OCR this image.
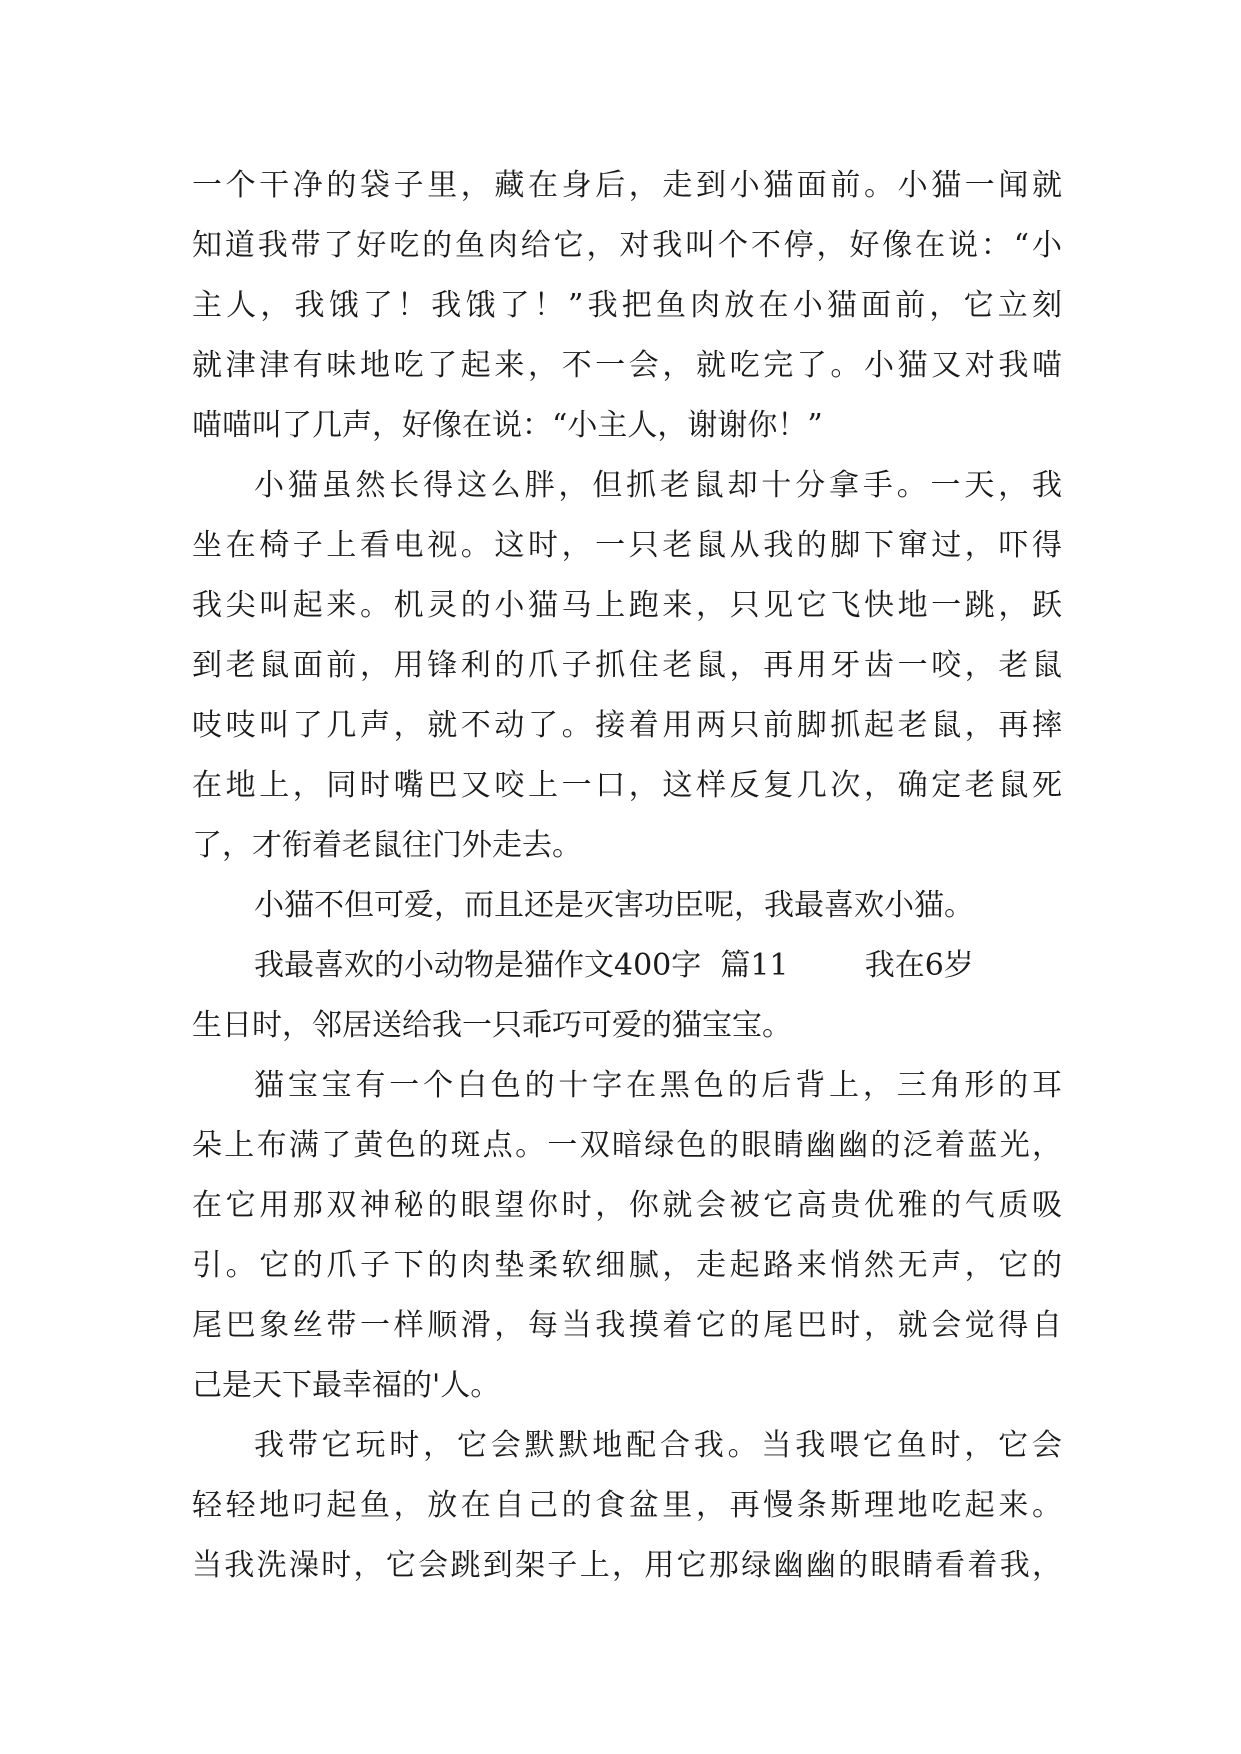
一个干净的袋子里，藏在身后，走到小猫面前。小猫一闻就
知道我带了好吃的鱼肉给它，对我叫个不停，好像在说：“小
主人，我饿了！我饿了！”我把鱼肉放在小猫面前，它立刻
就津津有味地吃了起来，不一会，就吃完了。小猫又对我喵
喵喵叫了几声，好像在说：“小主人，谢谢你！”
小猫虽然长得这么胖，但抓老鼠却十分拿手。一天，我
坐在椅子上看电视。这时，一只老鼠从我的脚下窜过，吓得
我尖叫起来。机灵的小猫马上跑来，只见它飞快地一跳，跃
到老鼠面前，用锋利的爪子抓住老鼠，再用牙齿一咬，老鼠
吱吱叫了几声，就不动了。接着用两只前脚抓起老鼠，再摔
在地上，同时嘴巴又咬上一口，这样反复几次，确定老鼠死
了，才衔着老鼠往门外走去。
小猫不但可爱，而且还是灭害功臣呢，我最喜欢小猫。
我最喜欢的小动物是猫作文400字  篇11        我在6岁
生日时，邻居送给我一只乖巧可爱的猫宝宝。
猫宝宝有一个白色的十字在黑色的后背上，三角形的耳
朵上布满了黄色的斑点。一双暗绿色的眼睛幽幽的泛着蓝光，
在它用那双神秘的眼望你时，你就会被它高贵优雅的气质吸
引。它的爪子下的肉垫柔软细腻，走起路来悄然无声，它的
尾巴象丝带一样顺滑，每当我摸着它的尾巴时，就会觉得自
己是天下最幸福的'人。
我带它玩时，它会默默地配合我。当我喂它鱼时，它会
轻轻地叼起鱼，放在自己的食盆里，再慢条斯理地吃起来。
当我洗澡时，它会跳到架子上，用它那绿幽幽的眼睛看着我，
